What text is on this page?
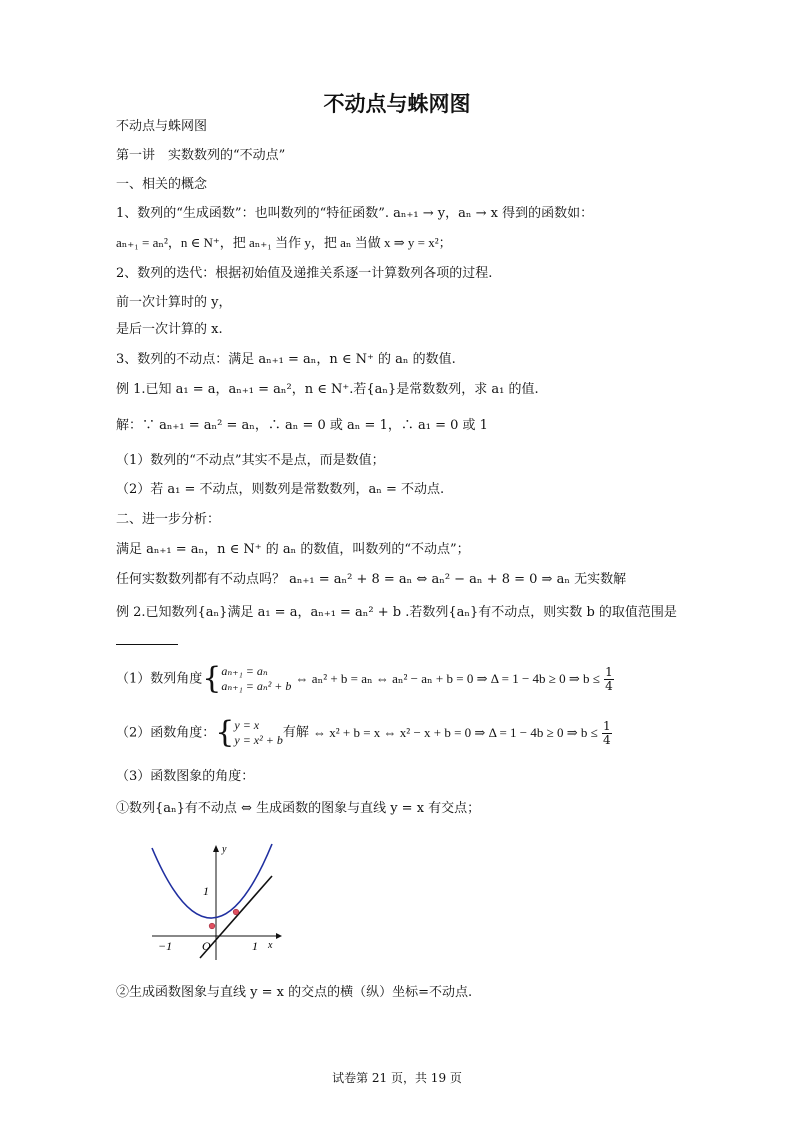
不动点与蛛网图
不动点与蛛网图
第一讲　实数数列的“不动点”
一、相关的概念
1、数列的“生成函数”：也叫数列的“特征函数”. aₙ₊₁ → y，aₙ → x 得到的函数如：
aₙ₊₁ = aₙ²，n ∈ N⁺，把 aₙ₊₁ 当作 y，把 aₙ 当做 x ⇒ y = x²；
2、数列的迭代：根据初始值及递推关系逐一计算数列各项的过程.
前一次计算时的 y，
是后一次计算的 x.
3、数列的不动点：满足 aₙ₊₁ = aₙ，n ∈ N⁺ 的 aₙ 的数值.
例 1.已知 a₁ = a，aₙ₊₁ = aₙ²，n ∈ N⁺.若{aₙ}是常数数列，求 a₁ 的值.
解：∵ aₙ₊₁ = aₙ² = aₙ，∴ aₙ = 0 或 aₙ = 1，∴ a₁ = 0 或 1
（1）数列的“不动点”其实不是点，而是数值；
（2）若 a₁ = 不动点，则数列是常数数列，aₙ = 不动点.
二、进一步分析：
满足 aₙ₊₁ = aₙ，n ∈ N⁺ 的 aₙ 的数值，叫数列的“不动点”；
任何实数数列都有不动点吗？ aₙ₊₁ = aₙ² + 8 = aₙ ⇔ aₙ² − aₙ + 8 = 0 ⇒ aₙ 无实数解
例 2.已知数列{aₙ}满足 a₁ = a，aₙ₊₁ = aₙ² + b .若数列{aₙ}有不动点，则实数 b 的取值范围是
（1）数列角度{ aₙ₊₁ = aₙ
aₙ₊₁ = aₙ² + b ⇔ aₙ² + b = aₙ ⇔ aₙ² − aₙ + b = 0 ⇒ Δ = 1 − 4b ≥ 0 ⇒ $b \le \frac{1}{4}$
（2）函数角度：{ y = x
y = x² + b 有解 ⇔ x² + b = x ⇔ x² − x + b = 0 ⇒ Δ = 1 − 4b ≥ 0 ⇒ $b \le \frac{1}{4}$
（3）函数图象的角度：
①数列{aₙ}有不动点 ⇔ 生成函数的图象与直线 y = x 有交点；
y
x
O
1
1
−1
②生成函数图象与直线 y = x 的交点的横（纵）坐标=不动点.
试卷第 21 页，共 19 页
